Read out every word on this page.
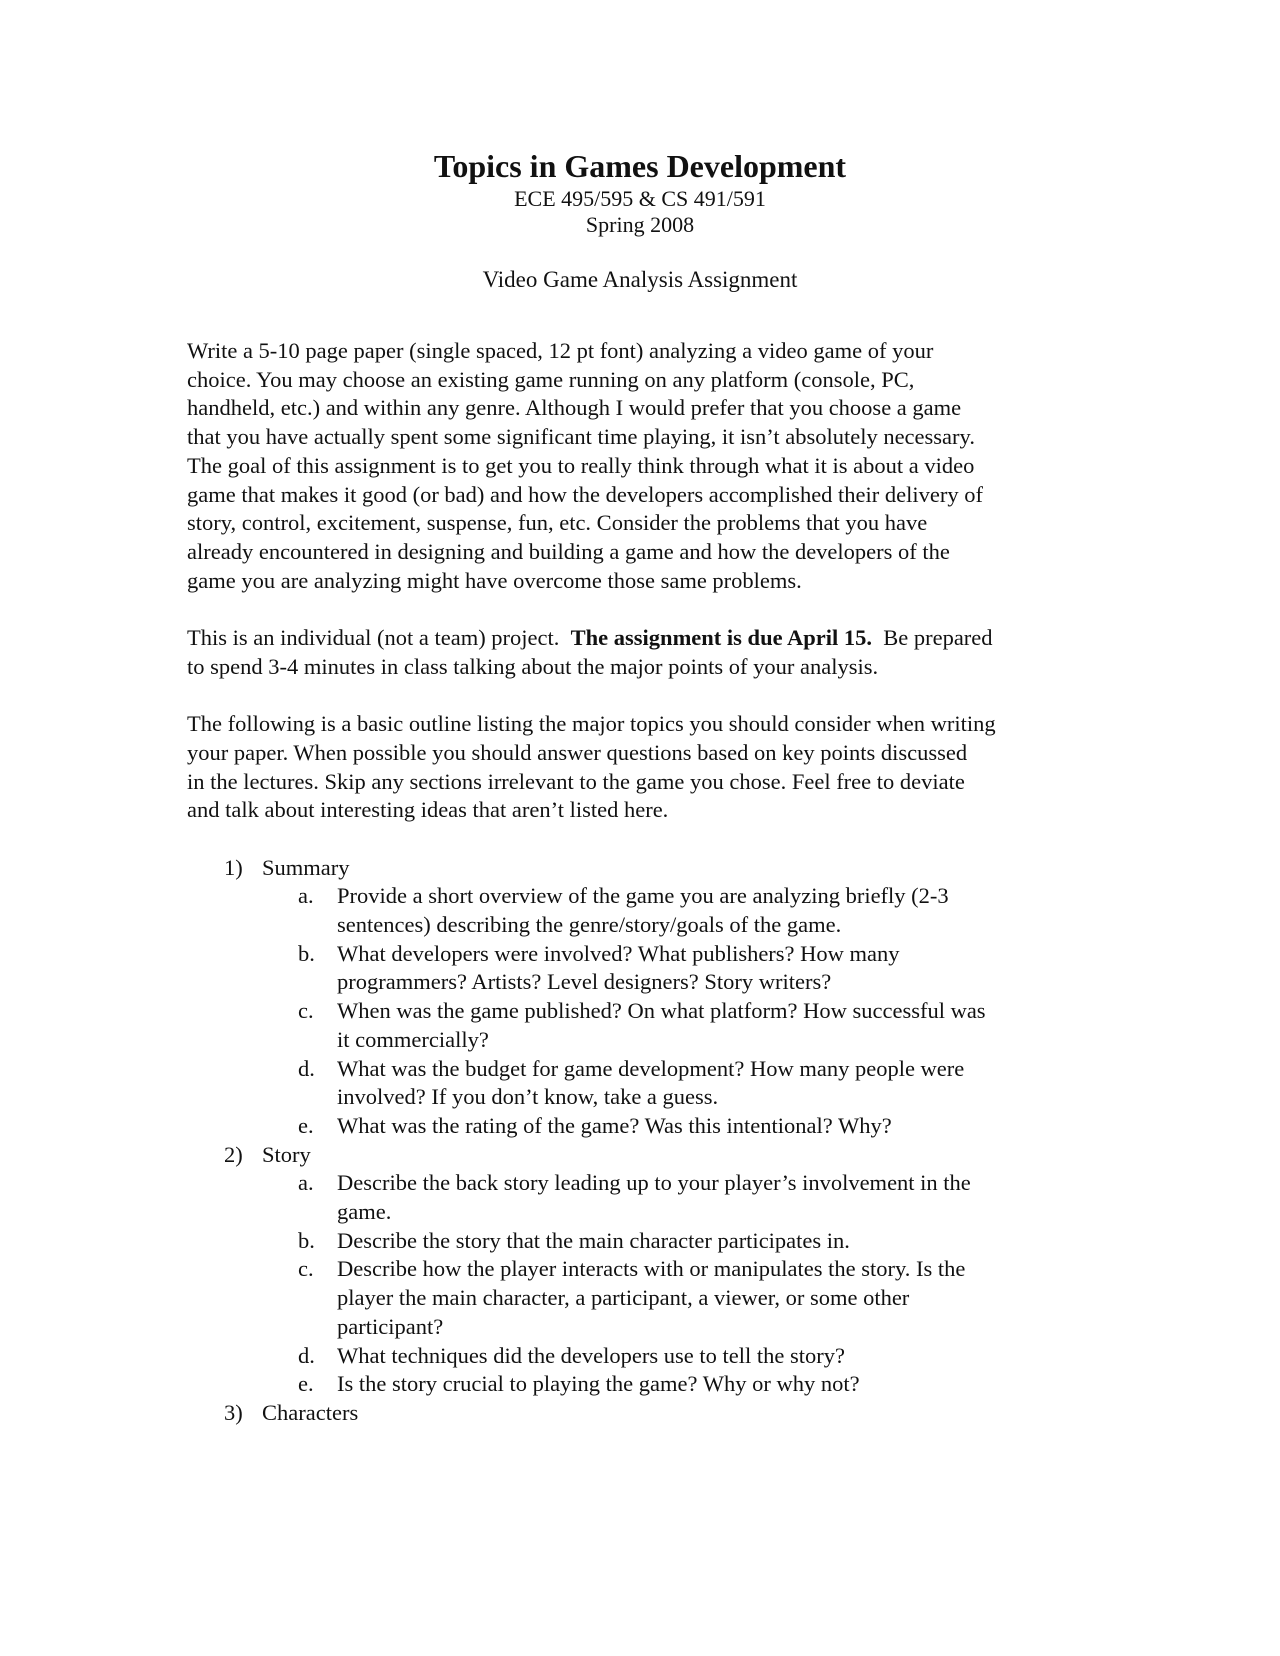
Topics in Games Development

ECE 495/595 & CS 491/591

Spring 2008

Video Game Analysis Assignment

Write a 5-10 page paper (single spaced, 12 pt font) analyzing a video game of your
choice. You may choose an existing game running on any platform (console, PC,
handheld, etc.) and within any genre. Although I would prefer that you choose a game
that you have actually spent some significant time playing, it isn’t absolutely necessary.
The goal of this assignment is to get you to really think through what it is about a video
game that makes it good (or bad) and how the developers accomplished their delivery of
story, control, excitement, suspense, fun, etc. Consider the problems that you have
already encountered in designing and building a game and how the developers of the
game you are analyzing might have overcome those same problems.

This is an individual (not a team) project.  The assignment is due April 15.  Be prepared
to spend 3-4 minutes in class talking about the major points of your analysis.

The following is a basic outline listing the major topics you should consider when writing
your paper. When possible you should answer questions based on key points discussed
in the lectures. Skip any sections irrelevant to the game you chose. Feel free to deviate
and talk about interesting ideas that aren’t listed here.

1) Summary
a. Provide a short overview of the game you are analyzing briefly (2-3
sentences) describing the genre/story/goals of the game.
b. What developers were involved? What publishers? How many
programmers? Artists? Level designers? Story writers?
c. When was the game published? On what platform? How successful was
it commercially?
d. What was the budget for game development? How many people were
involved? If you don’t know, take a guess.
e. What was the rating of the game? Was this intentional? Why?
2) Story
a. Describe the back story leading up to your player’s involvement in the
game.
b. Describe the story that the main character participates in.
c. Describe how the player interacts with or manipulates the story. Is the
player the main character, a participant, a viewer, or some other
participant?
d. What techniques did the developers use to tell the story?
e. Is the story crucial to playing the game? Why or why not?
3) Characters
